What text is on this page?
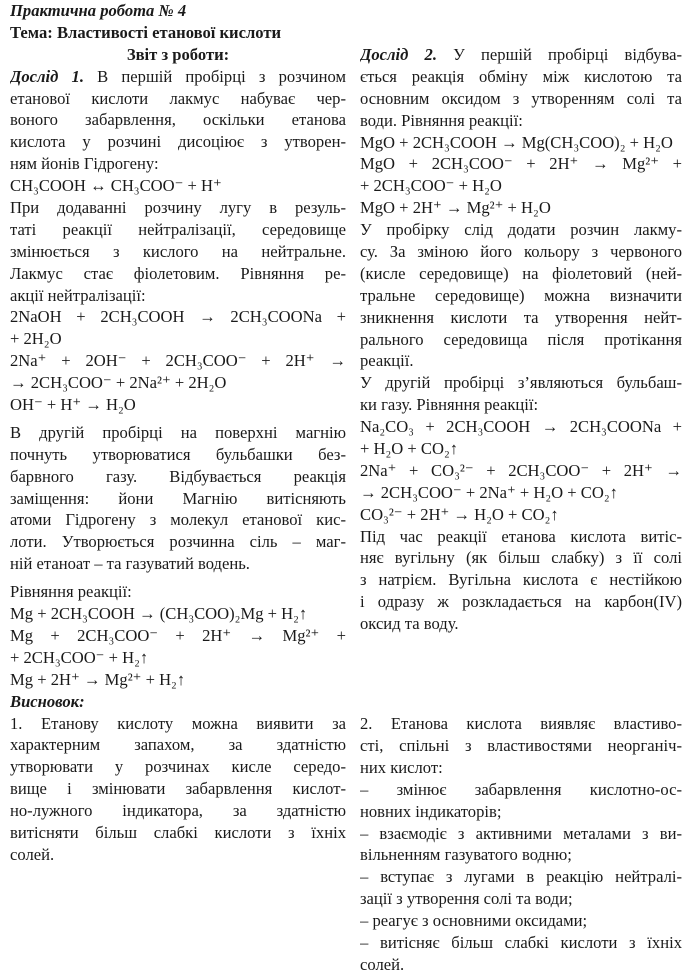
Практична робота № 4
Тема: Властивості етанової кислоти
Звіт з роботи:
Дослід 1. В першій пробірці з розчином
етанової кислоти лакмус набуває чер-
воного забарвлення, оскільки етанова
кислота у розчині дисоціює з утворен-
ням йонів Гідрогену:
CH₃COOH ↔ CH₃COO⁻ + H⁺
При додаванні розчину лугу в резуль-
таті реакції нейтралізації, середовище
змінюється з кислого на нейтральне.
Лакмус стає фіолетовим. Рівняння ре-
акції нейтралізації:
2NaOH + 2CH₃COOH → 2CH₃COONa +
+ 2H₂O
2Na⁺ + 2OH⁻ + 2CH₃COO⁻ + 2H⁺ →
→ 2CH₃COO⁻ + 2Na²⁺ + 2H₂O
OH⁻ + H⁺ → H₂O
В другій пробірці на поверхні магнію
почнуть утворюватися бульбашки без-
барвного газу. Відбувається реакція
заміщення: йони Магнію витісняють
атоми Гідрогену з молекул етанової кис-
лоти. Утворюється розчинна сіль – маг-
ній етаноат – та газуватий водень.
Рівняння реакції:
Mg + 2CH₃COOH → (CH₃COO)₂Mg + H₂↑
Mg + 2CH₃COO⁻ + 2H⁺ → Mg²⁺ +
+ 2CH₃COO⁻ + H₂↑
Mg + 2H⁺ → Mg²⁺ + H₂↑
Висновок:
1. Етанову кислоту можна виявити за
характерним запахом, за здатністю
утворювати у розчинах кисле середо-
вище і змінювати забарвлення кислот-
но-лужного індикатора, за здатністю
витісняти більш слабкі кислоти з їхніх
солей.
Дослід 2. У першій пробірці відбува-
ється реакція обміну між кислотою та
основним оксидом з утворенням солі та
води. Рівняння реакції:
MgO + 2CH₃COOH → Mg(CH₃COO)₂ + H₂O
MgO + 2CH₃COO⁻ + 2H⁺ → Mg²⁺ +
+ 2CH₃COO⁻ + H₂O
MgO + 2H⁺ → Mg²⁺ + H₂O
У пробірку слід додати розчин лакму-
су. За зміною його кольору з червоного
(кисле середовище) на фіолетовий (ней-
тральне середовище) можна визначити
зникнення кислоти та утворення нейт-
рального середовища після протікання
реакції.
У другій пробірці з’являються бульбаш-
ки газу. Рівняння реакції:
Na₂CO₃ + 2CH₃COOH → 2CH₃COONa +
+ H₂O + CO₂↑
2Na⁺ + CO₃²⁻ + 2CH₃COO⁻ + 2H⁺ →
→ 2CH₃COO⁻ + 2Na⁺ + H₂O + CO₂↑
CO₃²⁻ + 2H⁺ → H₂O + CO₂↑
Під час реакції етанова кислота витіс-
няє вугільну (як більш слабку) з її солі
з натрієм. Вугільна кислота є нестійкою
і одразу ж розкладається на карбон(IV)
оксид та воду.
2. Етанова кислота виявляє властиво-
сті, спільні з властивостями неорганіч-
них кислот:
– змінює забарвлення кислотно-ос-
новних індикаторів;
– взаємодіє з активними металами з ви-
вільненням газуватого водню;
– вступає з лугами в реакцію нейтралі-
зації з утворення солі та води;
– реагує з основними оксидами;
– витісняє більш слабкі кислоти з їхніх
солей.
